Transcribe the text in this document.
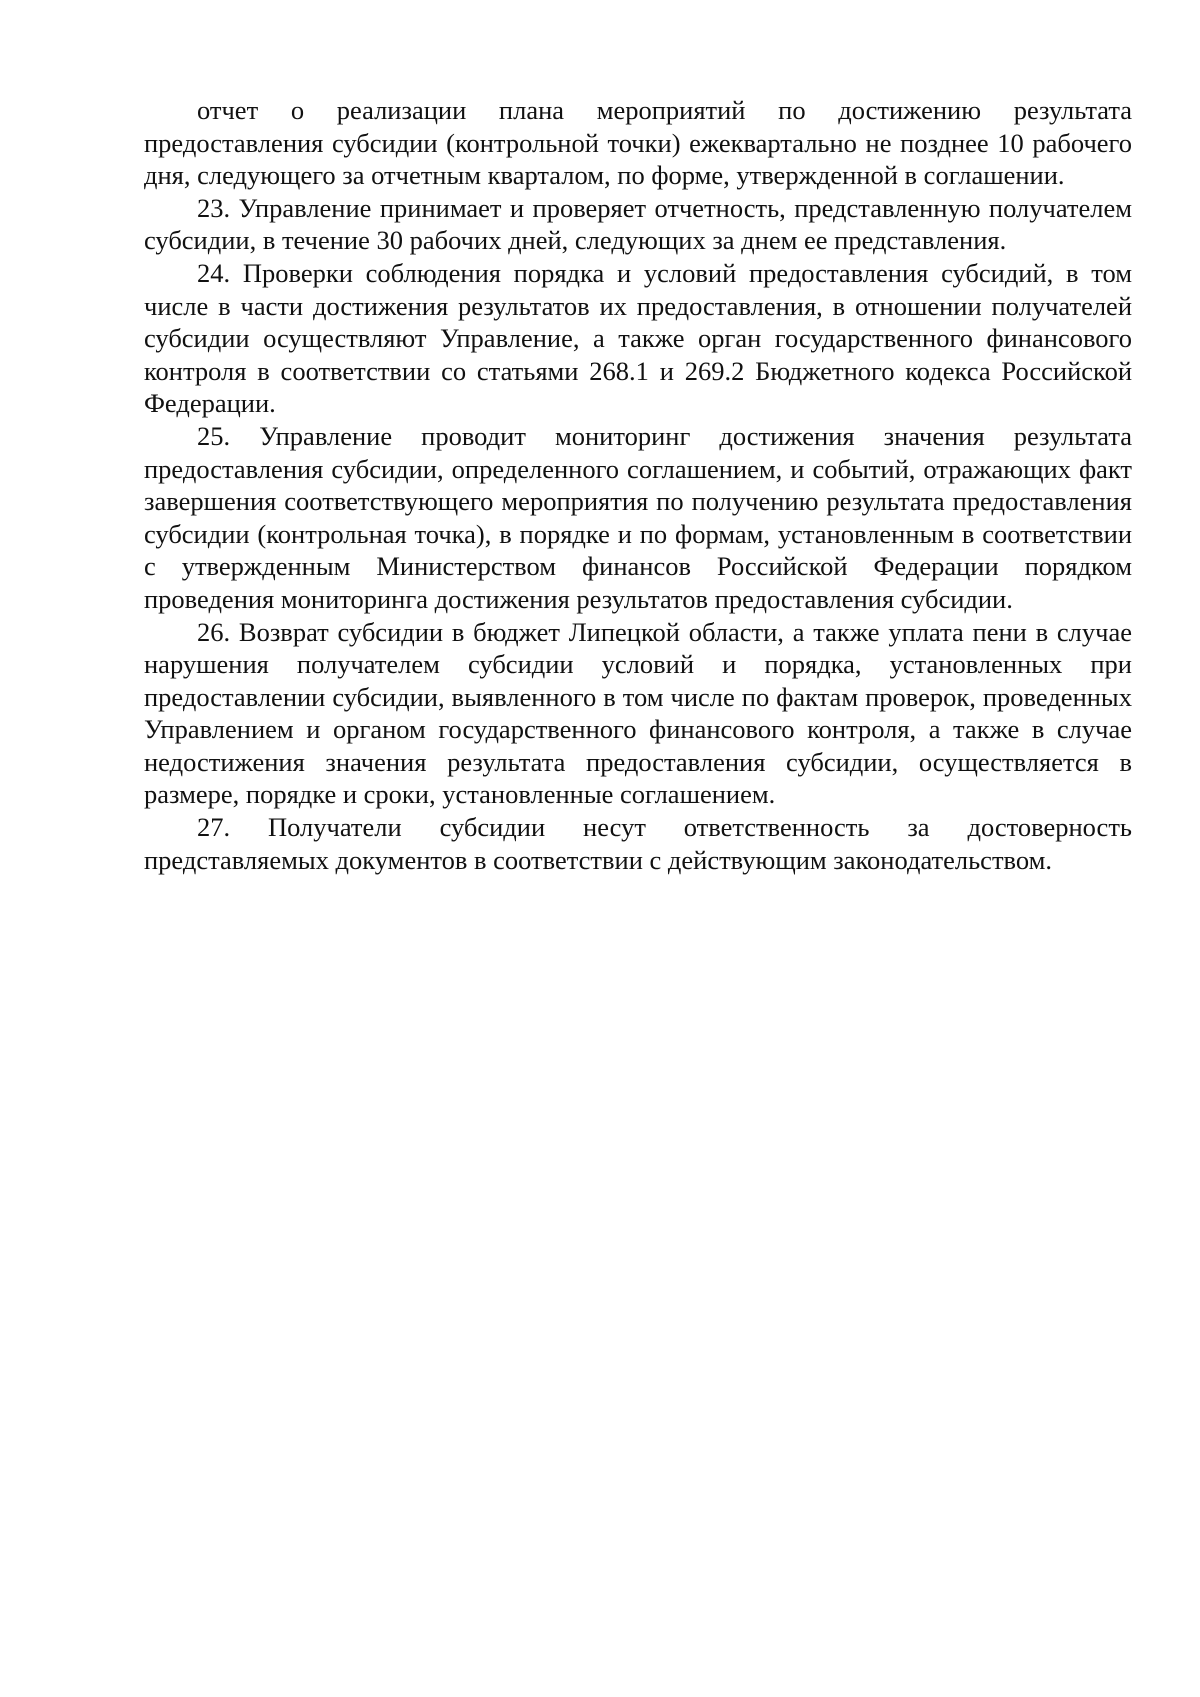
отчет о реализации плана мероприятий по достижению результата предоставления субсидии (контрольной точки) ежеквартально не позднее 10 рабочего дня, следующего за отчетным кварталом, по форме, утвержденной в соглашении.

23. Управление принимает и проверяет отчетность, представленную получателем субсидии, в течение 30 рабочих дней, следующих за днем ее представления.

24. Проверки соблюдения порядка и условий предоставления субсидий, в том числе в части достижения результатов их предоставления, в отношении получателей субсидии осуществляют Управление, а также орган государственного финансового контроля в соответствии со статьями 268.1 и 269.2 Бюджетного кодекса Российской Федерации.

25. Управление проводит мониторинг достижения значения результата предоставления субсидии, определенного соглашением, и событий, отражающих факт завершения соответствующего мероприятия по получению результата предоставления субсидии (контрольная точка), в порядке и по формам, установленным в соответствии с утвержденным Министерством финансов Российской Федерации порядком проведения мониторинга достижения результатов предоставления субсидии.

26. Возврат субсидии в бюджет Липецкой области, а также уплата пени в случае нарушения получателем субсидии условий и порядка, установленных при предоставлении субсидии, выявленного в том числе по фактам проверок, проведенных Управлением и органом государственного финансового контроля, а также в случае недостижения значения результата предоставления субсидии, осуществляется в размере, порядке и сроки, установленные соглашением.

27. Получатели субсидии несут ответственность за достоверность представляемых документов в соответствии с действующим законодательством.
